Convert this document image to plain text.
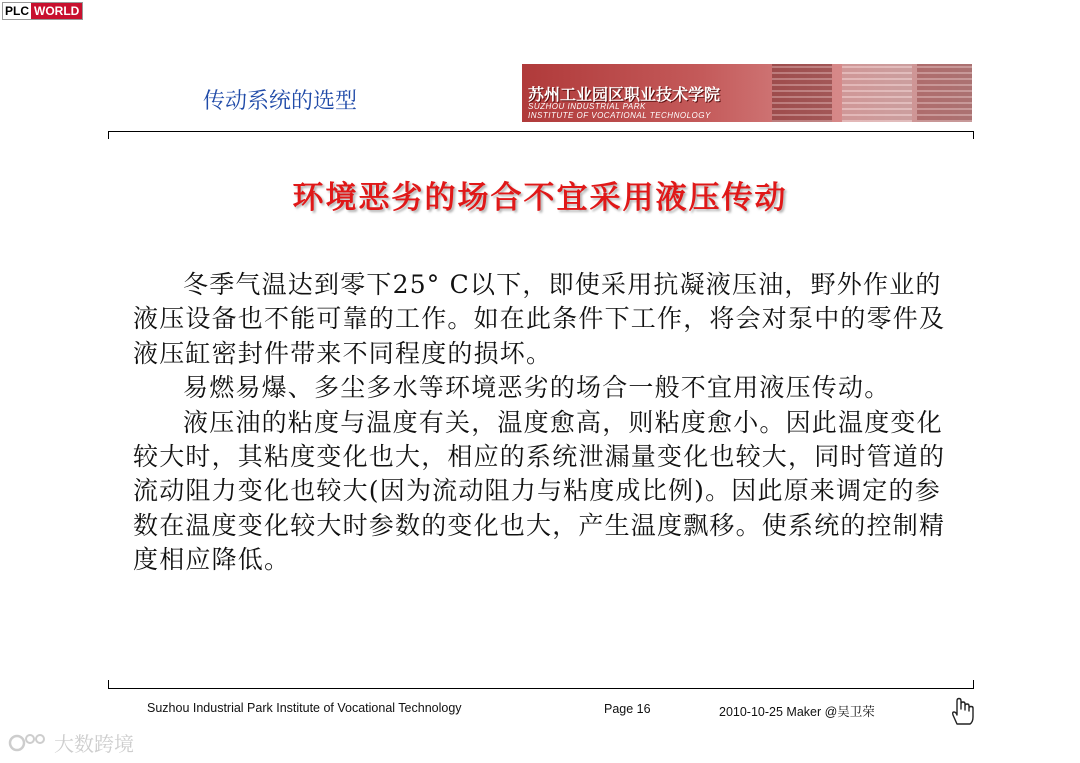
PLC WORLD
传动系统的选型	苏州工业园区职业技术学院
SUZHOU INDUSTRIAL PARK
INSTITUTE OF VOCATIONAL TECHNOLOGY
环境恶劣的场合不宜采用液压传动

冬季气温达到零下25° C以下，即使采用抗凝液压油，野外作业的液压设备也不能可靠的工作。如在此条件下工作，将会对泵中的零件及液压缸密封件带来不同程度的损坏。

易燃易爆、多尘多水等环境恶劣的场合一般不宜用液压传动。

液压油的粘度与温度有关，温度愈高，则粘度愈小。因此温度变化较大时，其粘度变化也大，相应的系统泄漏量变化也较大，同时管道的流动阻力变化也较大(因为流动阻力与粘度成比例)。因此原来调定的参数在温度变化较大时参数的变化也大，产生温度飘移。使系统的控制精度相应降低。

Suzhou Industrial Park Institute of Vocational Technology	Page 16	2010-10-25 Maker @吴卫荣
大数跨境
